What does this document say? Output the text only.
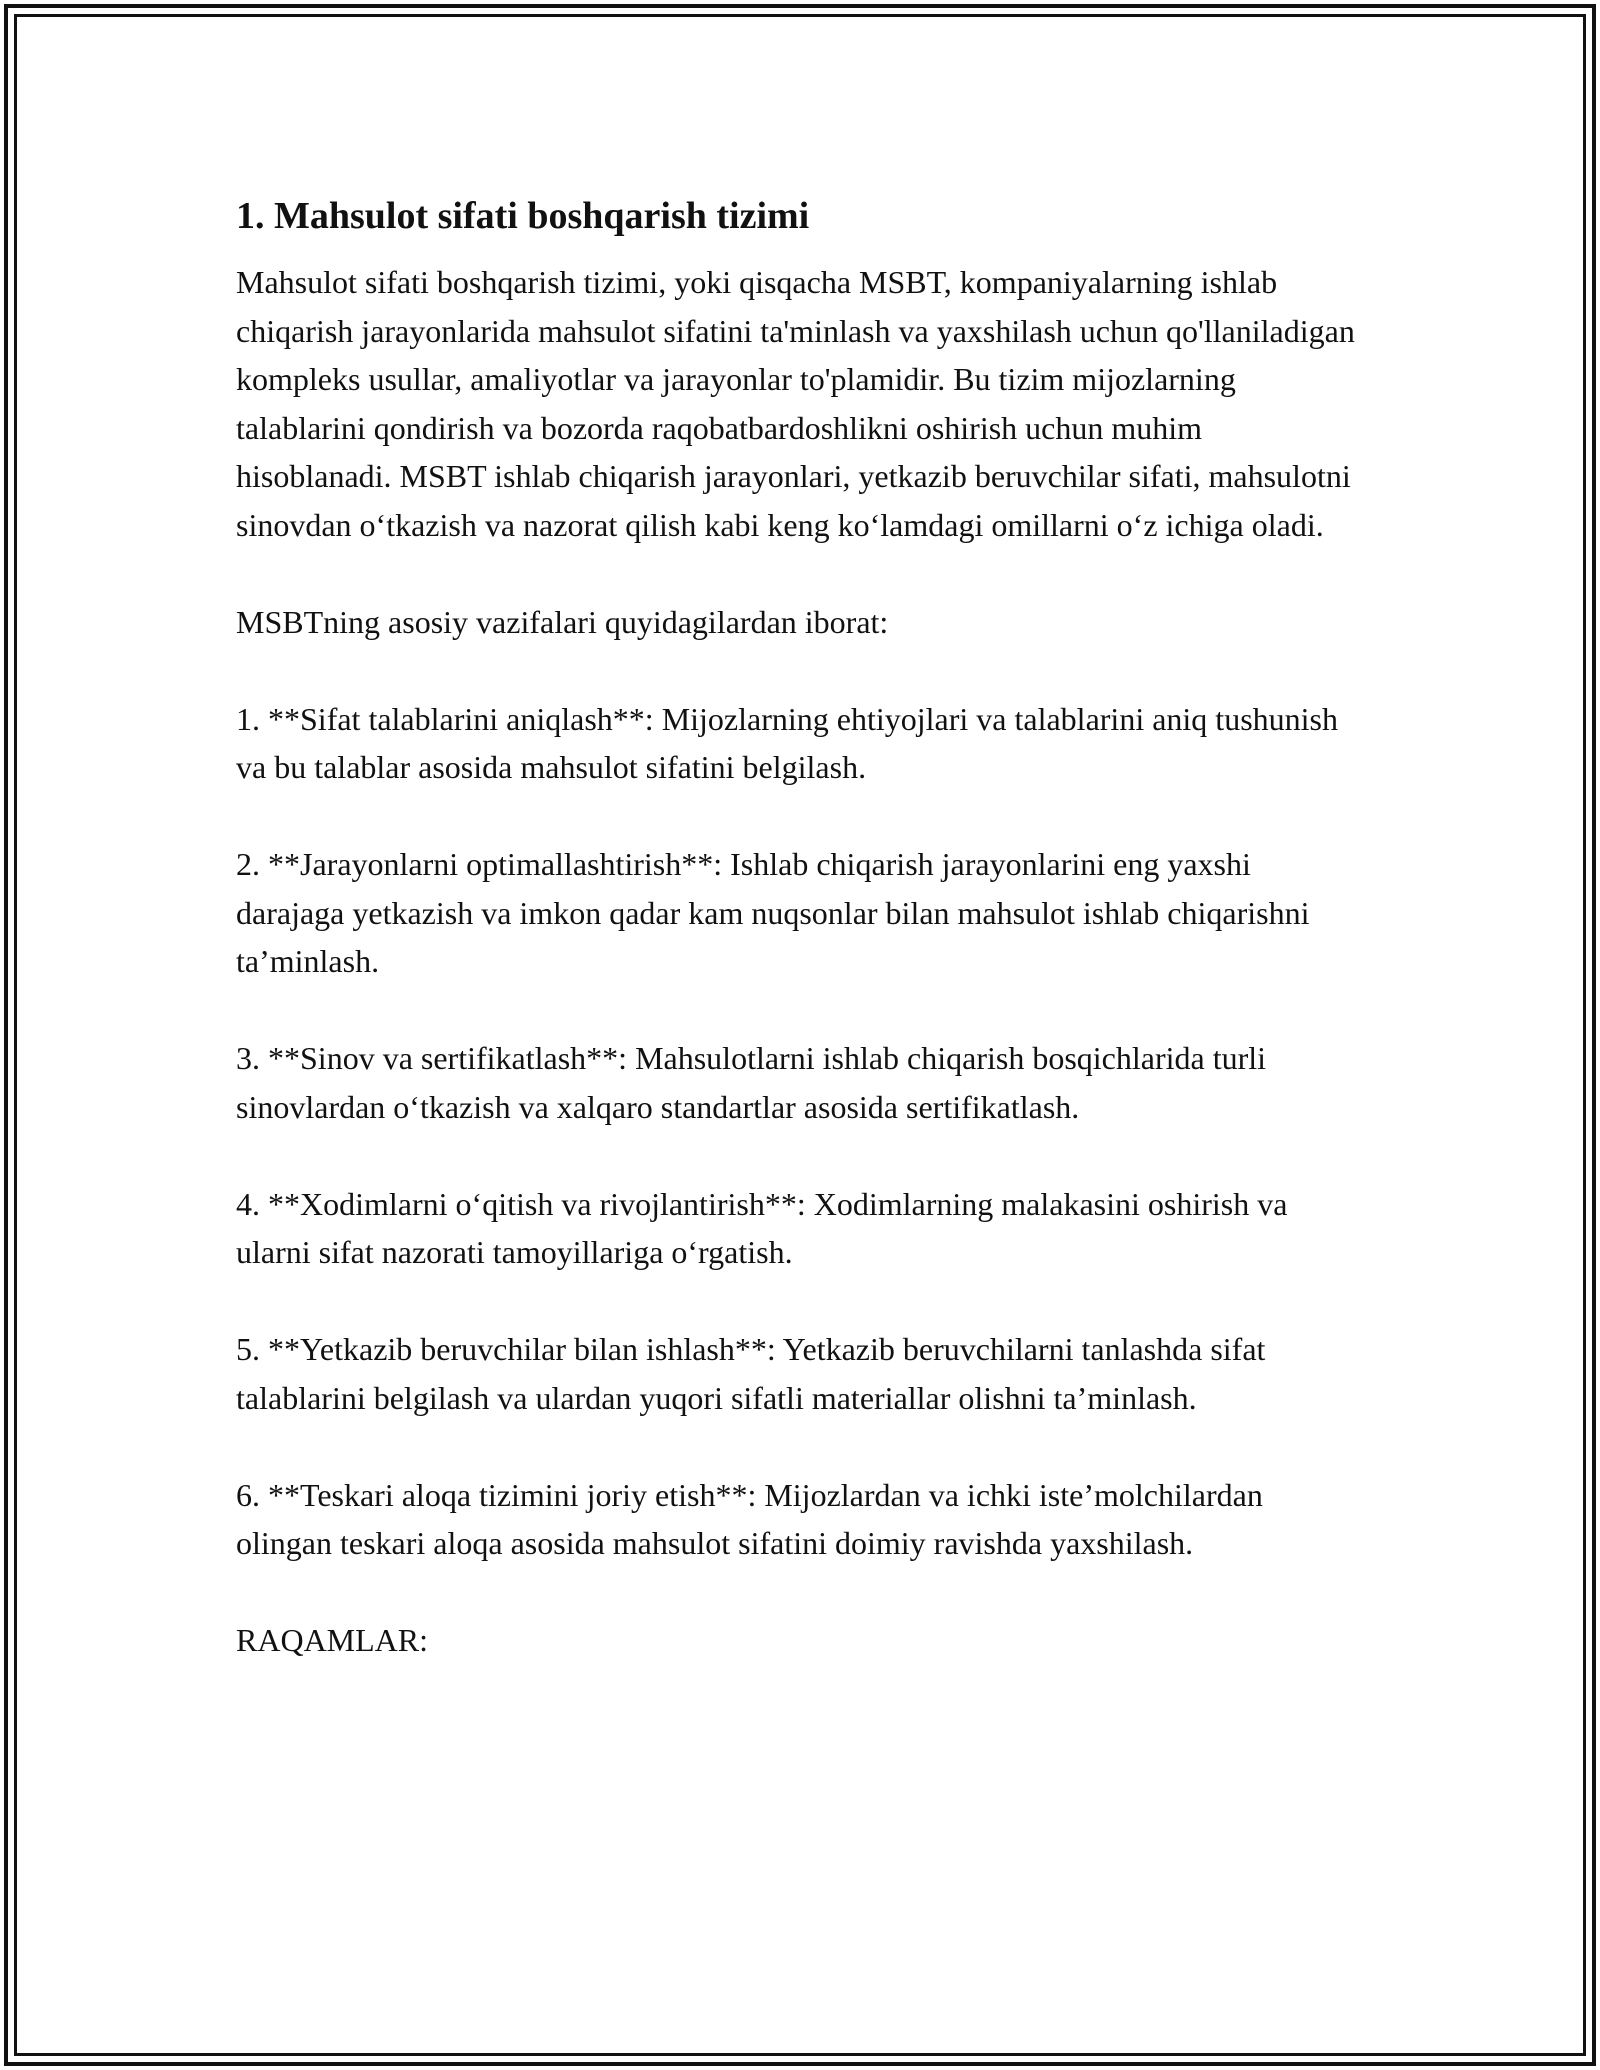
1. Mahsulot sifati boshqarish tizimi

Mahsulot sifati boshqarish tizimi, yoki qisqacha MSBT, kompaniyalarning ishlab chiqarish jarayonlarida mahsulot sifatini ta'minlash va yaxshilash uchun qo'llaniladigan kompleks usullar, amaliyotlar va jarayonlar to'plamidir. Bu tizim mijozlarning talablarini qondirish va bozorda raqobatbardoshlikni oshirish uchun muhim hisoblanadi. MSBT ishlab chiqarish jarayonlari, yetkazib beruvchilar sifati, mahsulotni sinovdan o‘tkazish va nazorat qilish kabi keng ko‘lamdagi omillarni o‘z ichiga oladi.

MSBTning asosiy vazifalari quyidagilardan iborat:

1. **Sifat talablarini aniqlash**: Mijozlarning ehtiyojlari va talablarini aniq tushunish va bu talablar asosida mahsulot sifatini belgilash.

2. **Jarayonlarni optimallashtirish**: Ishlab chiqarish jarayonlarini eng yaxshi darajaga yetkazish va imkon qadar kam nuqsonlar bilan mahsulot ishlab chiqarishni ta’minlash.

3. **Sinov va sertifikatlash**: Mahsulotlarni ishlab chiqarish bosqichlarida turli sinovlardan o‘tkazish va xalqaro standartlar asosida sertifikatlash.

4. **Xodimlarni o‘qitish va rivojlantirish**: Xodimlarning malakasini oshirish va ularni sifat nazorati tamoyillariga o‘rgatish.

5. **Yetkazib beruvchilar bilan ishlash**: Yetkazib beruvchilarni tanlashda sifat talablarini belgilash va ulardan yuqori sifatli materiallar olishni ta’minlash.

6. **Teskari aloqa tizimini joriy etish**: Mijozlardan va ichki iste’molchilardan olingan teskari aloqa asosida mahsulot sifatini doimiy ravishda yaxshilash.

RAQAMLAR:
